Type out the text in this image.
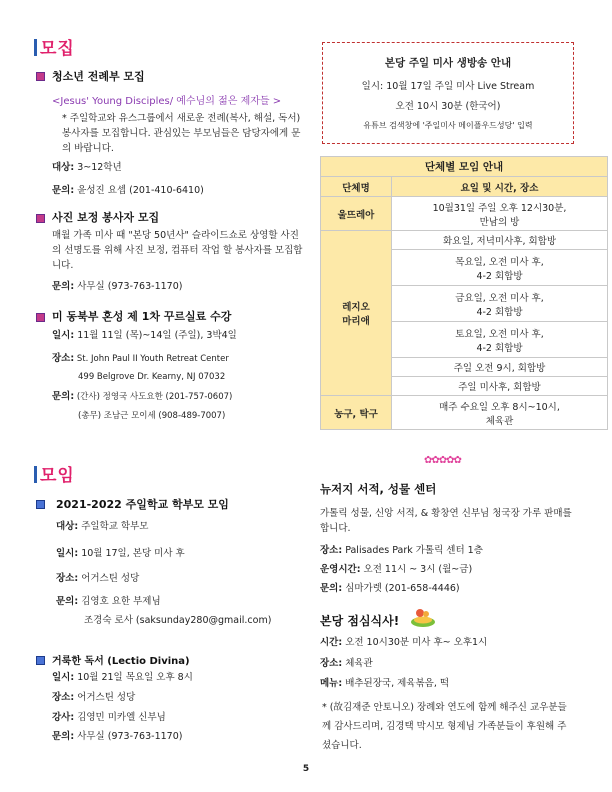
모집
청소년 전례부 모집
<Jesus' Young Disciples/ 예수님의 젊은 제자들 >
* 주일학교와 유스그룹에서 새로운 전례(복사, 해설, 독서) 봉사자를 모집합니다. 관심있는 부모님들은 담당자에게 문의 바랍니다.
대상: 3~12학년
문의: 윤성진 요셉 (201-410-6410)
사진 보정 봉사자 모집
매월 가족 미사 때 "본당 50년사" 슬라이드쇼로 상영할 사진의 선명도를 위해 사진 보정, 컴퓨터 작업 할 봉사자를 모집합니다.
문의: 사무실 (973-763-1170)
미 동북부 혼성 제 1차 꾸르실료 수강
일시: 11월 11일 (목)~14일 (주일), 3박4일
장소: St. John Paul II Youth Retreat Center
499 Belgrove Dr. Kearny, NJ 07032
문의: (간사) 정영국 사도요한 (201-757-0607)
(총무) 조남근 모이세 (908-489-7007)
모임
2021-2022 주일학교 학부모 모임
대상: 주일학교 학부모
일시: 10월 17일, 본당 미사 후
장소: 어거스틴 성당
문의: 김영호 요한 부제님
조경숙 로사 (saksunday280@gmail.com)
거룩한 독서 (Lectio Divina)
일시: 10월 21일 목요일 오후 8시
장소: 어거스틴 성당
강사: 김영민 미카엘 신부님
문의: 사무실 (973-763-1170)
본당 주일 미사 생방송 안내
일시: 10월 17일 주일 미사 Live Stream
오전 10시 30분 (한국어)
유튜브 검색창에 '주일미사 메이플우드성당' 입력
단체별 모임 안내	
단체명	요일 및 시간, 장소
울뜨레아	10월31일 주일 오후 12시30분,
만남의 방
레지오
마리애	화요일, 저녁미사후, 회합방
	목요일, 오전 미사 후,
4-2 회합방
	금요일, 오전 미사 후,
4-2 회합방
	토요일, 오전 미사 후,
4-2 회합방
	주일 오전 9시, 회합방
	주일 미사후, 회합방
농구, 탁구	매주 수요일 오후 8시~10시,
체육관
✿✿✿✿✿
뉴저지 서적, 성물 센터
가톨릭 성물, 신앙 서적, & 황창연 신부님 청국장 가루 판매를 합니다.
장소: Palisades Park 가톨릭 센터 1층
운영시간: 오전 11시 ~ 3시 (월~금)
문의: 심마가렛 (201-658-4446)
본당 점심식사!
시간: 오전 10시30분 미사 후~ 오후1시
장소: 체육관
메뉴: 배추된장국, 제육볶음, 떡
* (故김재준 안토니오) 장례와 연도에 함께 해주신 교우분들께 감사드리며, 김경택 막시모 형제님 가족분들이 후원해 주셨습니다.
5
